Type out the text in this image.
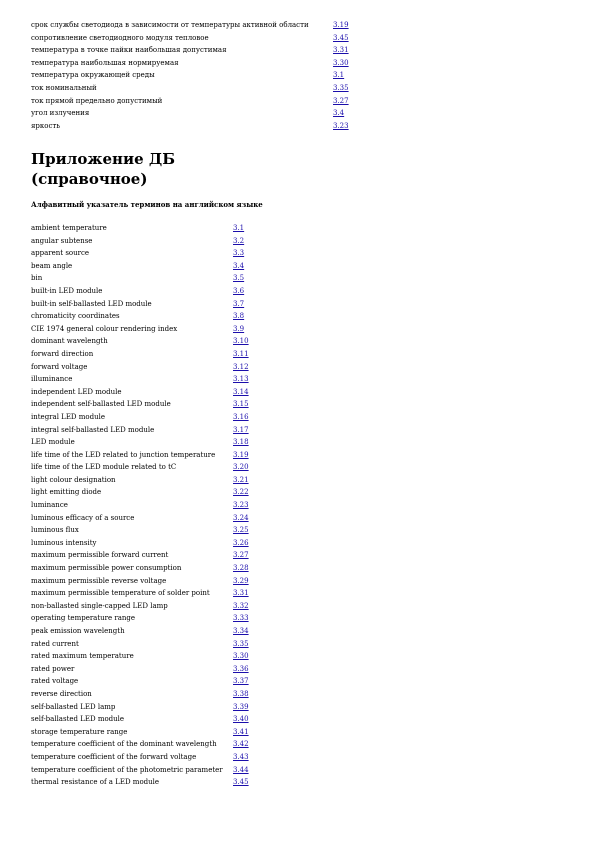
срок службы светодиода в зависимости от температуры активной области	3.19
сопротивление светодиодного модуля тепловое	3.45
температура в точке пайки наибольшая допустимая	3.31
температура наибольшая нормируемая	3.30
температура окружающей среды	3.1
ток номинальный	3.35
ток прямой предельно допустимый	3.27
угол излучения	3.4
яркость	3.23
Приложение ДБ
(справочное)

Алфавитный указатель терминов на английском языке

ambient temperature	3.1
angular subtense	3.2
apparent source	3.3
beam angle	3.4
bin	3.5
built-in LED module	3.6
built-in self-ballasted LED module	3.7
chromaticity coordinates	3.8
CIE 1974 general colour rendering index	3.9
dominant wavelength	3.10
forward direction	3.11
forward voltage	3.12
illuminance	3.13
independent LED module	3.14
independent self-ballasted LED module	3.15
integral LED module	3.16
integral self-ballasted LED module	3.17
LED module	3.18
life time of the LED related to junction temperature	3.19
life time of the LED module related to tC	3.20
light colour designation	3.21
light emitting diode	3.22
luminance	3.23
luminous efficacy of a source	3.24
luminous flux	3.25
luminous intensity	3.26
maximum permissible forward current	3.27
maximum permissible power consumption	3.28
maximum permissible reverse voltage	3.29
maximum permissible temperature of solder point	3.31
non-ballasted single-capped LED lamp	3.32
operating temperature range	3.33
peak emission wavelength	3.34
rated current	3.35
rated maximum temperature	3.30
rated power	3.36
rated voltage	3.37
reverse direction	3.38
self-ballasted LED lamp	3.39
self-ballasted LED module	3.40
storage temperature range	3.41
temperature coefficient of the dominant wavelength	3.42
temperature coefficient of the forward voltage	3.43
temperature coefficient of the photometric parameter	3.44
thermal resistance of a LED module	3.45
